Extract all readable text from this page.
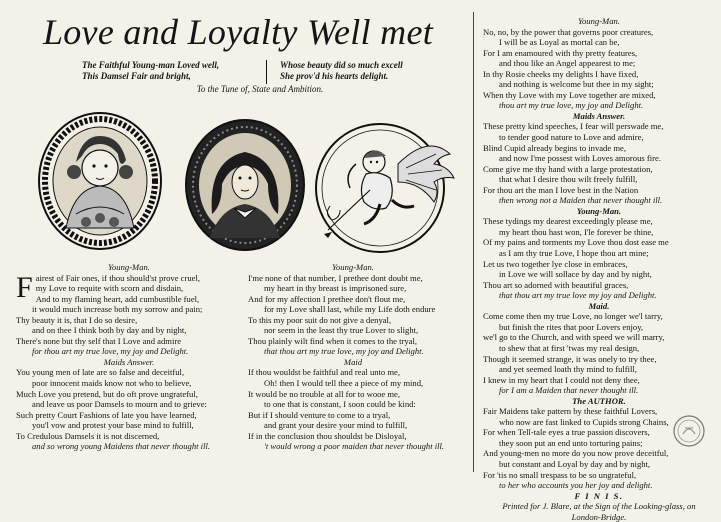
Love and Loyalty Well met
The Faithful Young-man Loved well,
This Damsel Fair and bright,
Whose beauty did so much excell
She prov'd his hearts delight.
To the Tune of, State and Ambition.
Young-Man.
F airest of Fair ones, if thou should'st prove cruel,
my Love to requite with scorn and disdain,
And to my flaming heart, add cumbustible fuel,
it would much increase both my sorrow and pain;
Thy beauty it is, that I do so desire,
and on thee I think both by day and by night,
There's none but thy self that I Love and admire
for thou art my true love, my joy and Delight.
Maids Answer.
You young men of late are so false and deceitful,
poor innocent maids know not who to believe,
Much Love you pretend, but do oft prove ungrateful,
and leave us poor Damsels to mourn and to grieve:
Such pretty Court Fashions of late you have learned,
you'l vow and protest your base mind to fulfill,
To Credulous Damsels it is not discerned,
and so wrong young Maidens that never thought ill.
Young-Man.
I'me none of that number, I prethee dont doubt me,
my heart in thy breast is imprisoned sure,
And for my affection I prethee don't flout me,
for my Love shall last, while my Life doth endure
To this my poor suit do not give a denyal,
nor seem in the least thy true Lover to slight,
Thou plainly wilt find when it comes to the tryal,
that thou art my true love, my joy and Delight.
Maid
If thou wouldst be faithful and real unto me,
Oh! then I would tell thee a piece of my mind,
It would be no trouble at all for to wooe me,
to one that is constant, I soon could be kind:
But if I should venture to come to a tryal,
and grant your desire your mind to fulfill,
If in the conclusion thou shouldst be Disloyal,
't would wrong a poor maiden that never thought ill.
Young-Man.
No, no, by the power that governs poor creatures,
I will be as Loyal as mortal can be,
For I am enamoured with thy pretty features,
and thou like an Angel appearest to me;
In thy Rosie cheeks my delights I have fixed,
and nothing is welcome but thee in my sight;
When thy Love with my Love together are mixed,
thou art my true love, my joy and Delight.
Maids Answer.
These pretty kind speeches, I fear will perswade me,
to tender good nature to Love and admire,
Blind Cupid already begins to invade me,
and now I'me possest with Loves amorous fire.
Come give me thy hand with a large protestation,
that what I desire thou wilt freely fulfill,
For thou art the man I love best in the Nation
then wrong not a Maiden that never thought ill.
Young-Man.
These tydings my dearest exceedingly please me,
my heart thou hast won, I'le forever be thine,
Of my pains and torments my Love thou dost ease me
as I am thy true Love, I hope thou art mine;
Let us two together lye close in embraces,
in Love we will sollace by day and by night,
Thou art so adorned with beautiful graces,
that thou art my true love my joy and Delight.
Maid.
Come come then my true Love, no longer we'l tarry,
but finish the rites that poor Lovers enjoy,
we'l go to the Church, and with speed we will marry,
to shew that at first 'twas my real design,
Though it seemed strange, it was onely to try thee,
and yet seemed loath thy mind to fulfill,
I knew in my heart that I could not deny thee,
for I am a Maiden that never thought ill.
The AUTHOR.
Fair Maidens take pattern by these faithful Lovers,
who now are fast linked to Cupids strong Chains,
For when Tell-tale eyes a true passion discovers,
they soon put an end unto torturing pains;
And young-men no more do you now prove deceitful,
but constant and Loyal by day and by night,
For 'tis no small trespass to be so ungrateful,
to her who accounts you her joy and delight.
F I N I S.
Printed for J. Blare, at the Sign of the Looking-glass, on
London-Bridge.
